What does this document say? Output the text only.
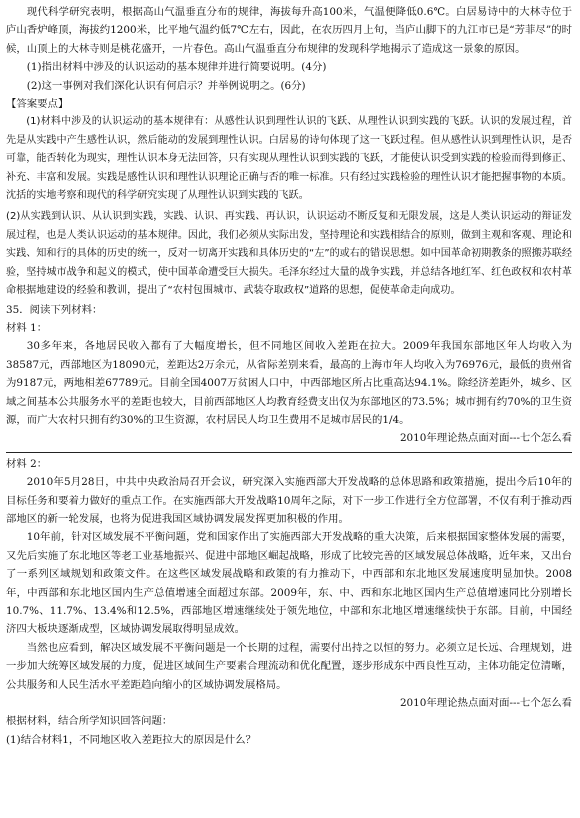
现代科学研究表明，根据高山气温垂直分布的规律，海拔每升高100米，气温便降低0.6℃。白居易诗中的大林寺位于庐山香炉峰顶，海拔约1200米，比平地气温约低7℃左右，因此，在农历四月上旬，当庐山脚下的九江市已是“芳菲尽”的时候，山顶上的大林寺则是桃花盛开，一片春色。高山气温垂直分布规律的发现科学地揭示了造成这一景象的原因。

(1)指出材料中涉及的认识运动的基本规律并进行简要说明。(4分)

(2)这一事例对我们深化认识有何启示？并举例说明之。(6分)

【答案要点】

(1)材料中涉及的认识运动的基本规律有：从感性认识到理性认识的飞跃、从理性认识到实践的飞跃。认识的发展过程，首先是从实践中产生感性认识，然后能动的发展到理性认识。白居易的诗句体现了这一飞跃过程。但从感性认识到理性认识，是否可靠，能否转化为现实，理性认识本身无法回答，只有实现从理性认识到实践的飞跃，才能使认识受到实践的检验而得到修正、补充、丰富和发展。实践是感性认识和理性认识理论正确与否的唯一标准。只有经过实践检验的理性认识才能把握事物的本质。沈括的实地考察和现代的科学研究实现了从理性认识到实践的飞跃。

(2)从实践到认识、从认识到实践，实践、认识、再实践、再认识，认识运动不断反复和无限发展，这是人类认识运动的辩证发展过程，也是人类认识运动的基本规律。因此，我们必须从实际出发，坚持理论和实践相结合的原则，做到主观和客观、理论和实践、知和行的具体的历史的统一，反对一切离开实践和具体历史的“左”的或右的错误思想。如中国革命初期教条的照搬苏联经验，坚持城市战争和起义的模式，使中国革命遭受巨大损失。毛泽东经过大量的战争实践，并总结各地红军、红色政权和农村革命根据地建设的经验和教训，提出了“农村包围城市、武装夺取政权”道路的思想，促使革命走向成功。

35．阅读下列材料：

材料 1：

30多年来，各地居民收入都有了大幅度增长，但不同地区间收入差距在拉大。2009年我国东部地区年人均收入为38587元，西部地区为18090元，差距达2万余元，从省际差别来看，最高的上海市年人均收入为76976元，最低的贵州省为9187元，两地相差67789元。目前全国4007万贫困人口中，中西部地区所占比重高达94.1%。除经济差距外，城乡、区域之间基本公共服务水平的差距也较大，目前西部地区人均教育经费支出仅为东部地区的73.5%；城市拥有约70%的卫生资源，而广大农村只拥有约30%的卫生资源，农村居民人均卫生费用不足城市居民的1/4。

2010年理论热点面对面---七个怎么看

材料 2：

2010年5月28日，中共中央政治局召开会议，研究深入实施西部大开发战略的总体思路和政策措施，提出今后10年的目标任务和要着力做好的重点工作。在实施西部大开发战略10周年之际，对下一步工作进行全方位部署，不仅有利于推动西部地区的新一轮发展，也将为促进我国区域协调发展发挥更加积极的作用。

10年前，针对区域发展不平衡问题，党和国家作出了实施西部大开发战略的重大决策，后来根据国家整体发展的需要，又先后实施了东北地区等老工业基地振兴、促进中部地区崛起战略，形成了比较完善的区域发展总体战略，近年来，又出台了一系列区域规划和政策文件。在这些区域发展战略和政策的有力推动下，中西部和东北地区发展速度明显加快。2008年，中西部和东北地区国内生产总值增速全面超过东部。2009年，东、中、西和东北地区国内生产总值增速同比分别增长10.7%、11.7%、13.4%和12.5%，西部地区增速继续处于领先地位，中部和东北地区增速继续快于东部。目前，中国经济四大板块逐渐成型，区域协调发展取得明显成效。

当然也应看到，解决区域发展不平衡问题是一个长期的过程，需要付出持之以恒的努力。必须立足长远、合理规划，进一步加大统筹区域发展的力度，促进区域间生产要素合理流动和优化配置，逐步形成东中西良性互动，主体功能定位清晰，公共服务和人民生活水平差距趋向缩小的区域协调发展格局。

2010年理论热点面对面---七个怎么看

根据材料，结合所学知识回答问题：

(1)结合材料1，不同地区收入差距拉大的原因是什么？
